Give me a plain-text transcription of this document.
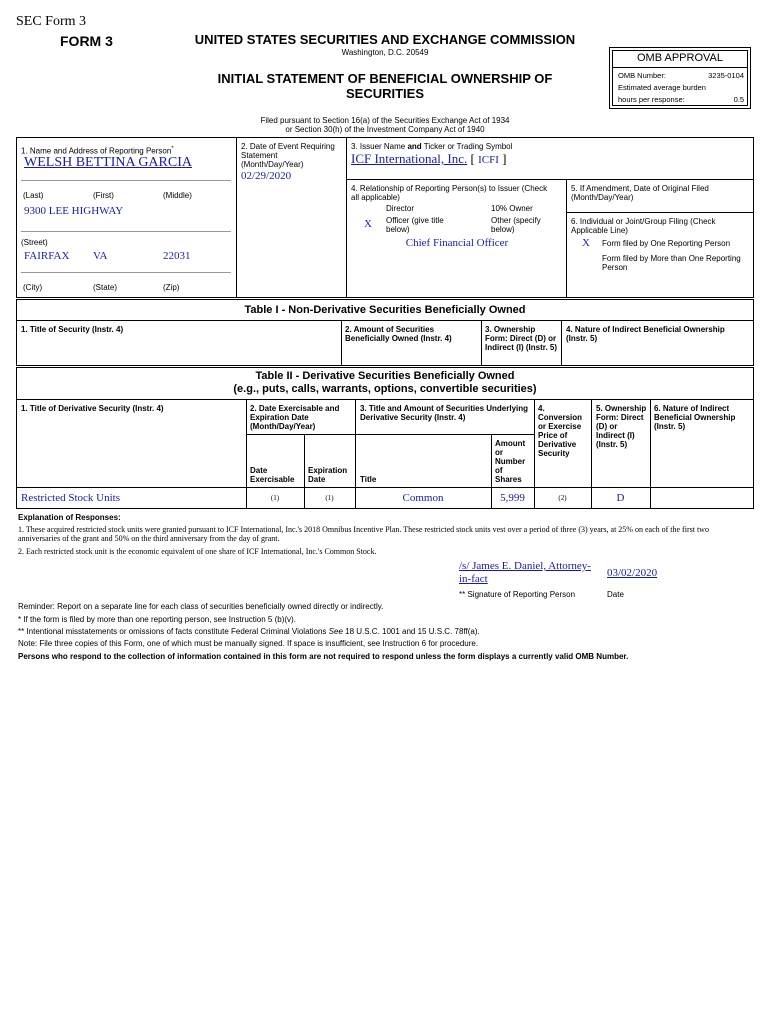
SEC Form 3
FORM 3	UNITED STATES SECURITIES AND EXCHANGE COMMISSION
Washington, D.C. 20549
INITIAL STATEMENT OF BENEFICIAL OWNERSHIP OF SECURITIES
Filed pursuant to Section 16(a) of the Securities Exchange Act of 1934
or Section 30(h) of the Investment Company Act of 1940
OMB APPROVAL
OMB Number:	3235-0104
Estimated average burden
hours per response:	0.5
1. Name and Address of Reporting Person*
WELSH BETTINA GARCIA
(Last)	(First)	(Middle)
9300 LEE HIGHWAY
(Street)
FAIRFAX VA	22031
(City)	(State)	(Zip)
2. Date of Event Requiring Statement (Month/Day/Year)
02/29/2020
3. Issuer Name and Ticker or Trading Symbol
ICF International, Inc. [ ICFI ]
4. Relationship of Reporting Person(s) to Issuer (Check all applicable)
Director	10% Owner
X Officer (give title below)
Other (specify below)
Chief Financial Officer
5. If Amendment, Date of Original Filed (Month/Day/Year)
6. Individual or Joint/Group Filing (Check Applicable Line)
X Form filed by One Reporting Person
Form filed by More than One Reporting Person
Table I - Non-Derivative Securities Beneficially Owned
1. Title of Security (Instr. 4)	2. Amount of Securities Beneficially Owned (Instr. 4)
3. Ownership Form: Direct (D) or Indirect (I) (Instr. 5)
4. Nature of Indirect Beneficial Ownership (Instr. 5)
Table II - Derivative Securities Beneficially Owned
(e.g., puts, calls, warrants, options, convertible securities)
1. Title of Derivative Security (Instr. 4)	2. Date Exercisable and Expiration Date (Month/Day/Year)
3. Title and Amount of Securities Underlying Derivative Security (Instr. 4)
4. Conversion or Exercise Price of Derivative Security
5. Ownership Form: Direct (D) or Indirect (I) (Instr. 5)
6. Nature of Indirect Beneficial Ownership (Instr. 5)
Date Exercisable
Expiration Date	Title
Amount or Number of Shares
Restricted Stock Units	(1)	(1)	Common	5,999	(2)	D
Explanation of Responses:
1. These acquired restricted stock units were granted pursuant to ICF International, Inc.'s 2018 Omnibus Incentive Plan. These restricted stock units vest over a period of three (3) years, at 25% on each of the first two anniversaries of the grant and 50% on the third anniversary from the day of grant.
2. Each restricted stock unit is the economic equivalent of one share of ICF International, Inc.'s Common Stock.
/s/ James E. Daniel, Attorney-in-fact	03/02/2020
** Signature of Reporting Person	Date
Reminder: Report on a separate line for each class of securities beneficially owned directly or indirectly.
* If the form is filed by more than one reporting person, see Instruction 5 (b)(v).
** Intentional misstatements or omissions of facts constitute Federal Criminal Violations See 18 U.S.C. 1001 and 15 U.S.C. 78ff(a).
Note: File three copies of this Form, one of which must be manually signed. If space is insufficient, see Instruction 6 for procedure.
Persons who respond to the collection of information contained in this form are not required to respond unless the form displays a currently valid OMB Number.
